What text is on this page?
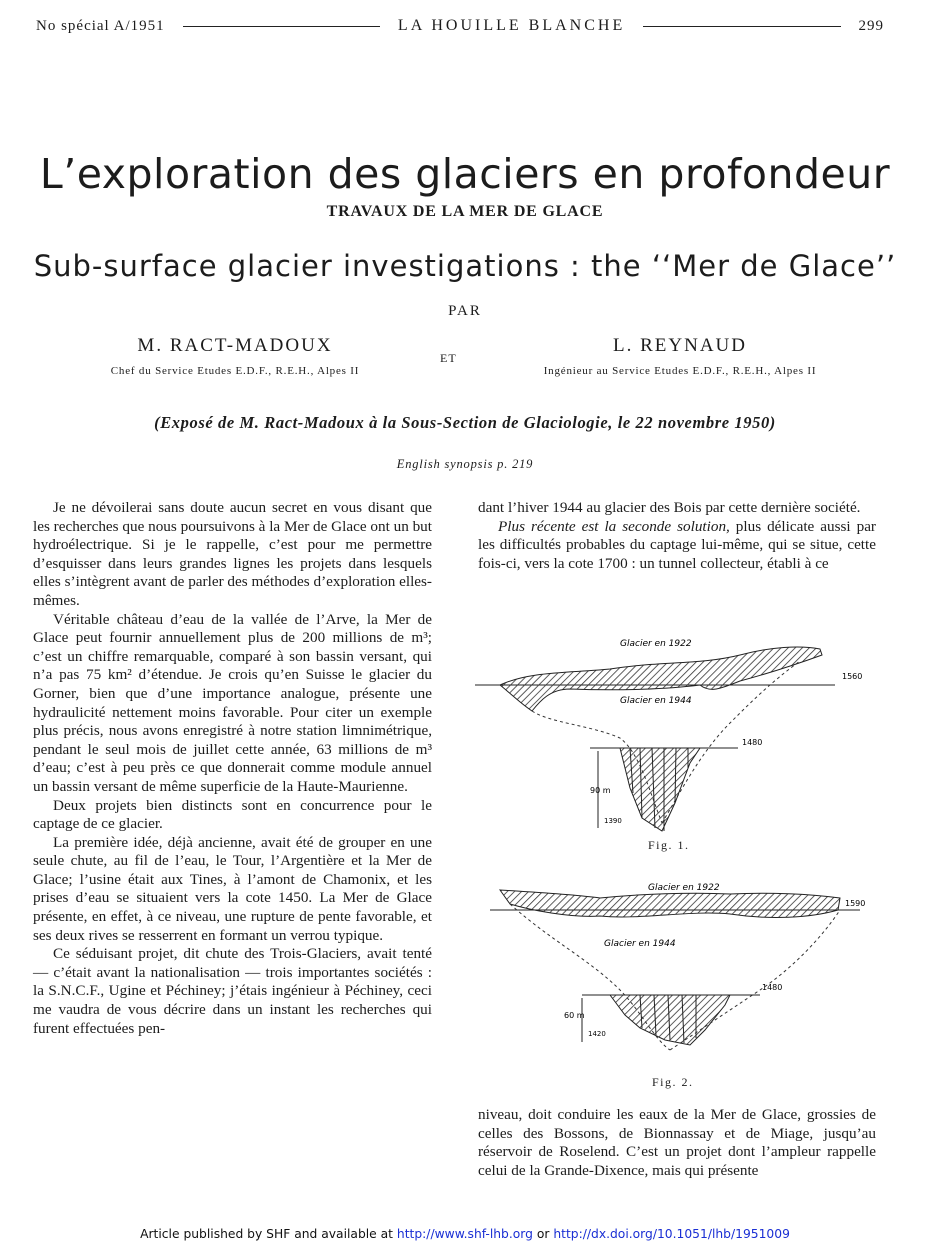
No spécial A/1951	LA HOUILLE BLANCHE	299
L’exploration des glaciers en profondeur
TRAVAUX DE LA MER DE GLACE
Sub-surface glacier investigations : the ‘‘Mer de Glace’’
PAR
M. RACT-MADOUX
Chef du Service Etudes E.D.F., R.E.H., Alpes II
ET
L. REYNAUD
Ingénieur au Service Etudes E.D.F., R.E.H., Alpes II
(Exposé de M. Ract-Madoux à la Sous-Section de Glaciologie, le 22 novembre 1950)
English synopsis p. 219

Je ne dévoilerai sans doute aucun secret en vous disant que les recherches que nous poursuivons à la Mer de Glace ont un but hydroélectrique. Si je le rappelle, c’est pour me permettre d’esquisser dans leurs grandes lignes les projets dans lesquels elles s’intègrent avant de parler des méthodes d’exploration elles-mêmes.

Véritable château d’eau de la vallée de l’Arve, la Mer de Glace peut fournir annuellement plus de 200 millions de m³; c’est un chiffre remarquable, comparé à son bassin versant, qui n’a pas 75 km² d’étendue. Je crois qu’en Suisse le glacier du Gorner, bien que d’une importance analogue, présente une hydraulicité nettement moins favorable. Pour citer un exemple plus précis, nous avons enregistré à notre station limnimétrique, pendant le seul mois de juillet cette année, 63 millions de m³ d’eau; c’est à peu près ce que donnerait comme module annuel un bassin versant de même superficie de la Haute-Maurienne.

Deux projets bien distincts sont en concurrence pour le captage de ce glacier.

La première idée, déjà ancienne, avait été de grouper en une seule chute, au fil de l’eau, le Tour, l’Argentière et la Mer de Glace; l’usine était aux Tines, à l’amont de Chamonix, et les prises d’eau se situaient vers la cote 1450. La Mer de Glace présente, en effet, à ce niveau, une rupture de pente favorable, et ses deux rives se resserrent en formant un verrou typique.

Ce séduisant projet, dit chute des Trois-Glaciers, avait tenté — c’était avant la nationalisation — trois importantes sociétés : la S.N.C.F., Ugine et Péchiney; j’étais ingénieur à Péchiney, ceci me vaudra de vous décrire dans un instant les recherches qui furent effectuées pen-

dant l’hiver 1944 au glacier des Bois par cette dernière société.

Plus récente est la seconde solution, plus délicate aussi par les difficultés probables du captage lui-même, qui se situe, cette fois-ci, vers la cote 1700 : un tunnel collecteur, établi à ce

Glacier en 1922
Glacier en 1944
1560
1480
90 m
1390
Fig. 1.
Glacier en 1922
Glacier en 1944
1590
1480
60 m
1420
Fig. 2.

niveau, doit conduire les eaux de la Mer de Glace, grossies de celles des Bossons, de Bionnassay et de Miage, jusqu’au réservoir de Roselend. C’est un projet dont l’ampleur rappelle celui de la Grande-Dixence, mais qui présente

Article published by SHF and available at http://www.shf-lhb.org or http://dx.doi.org/10.1051/lhb/1951009
